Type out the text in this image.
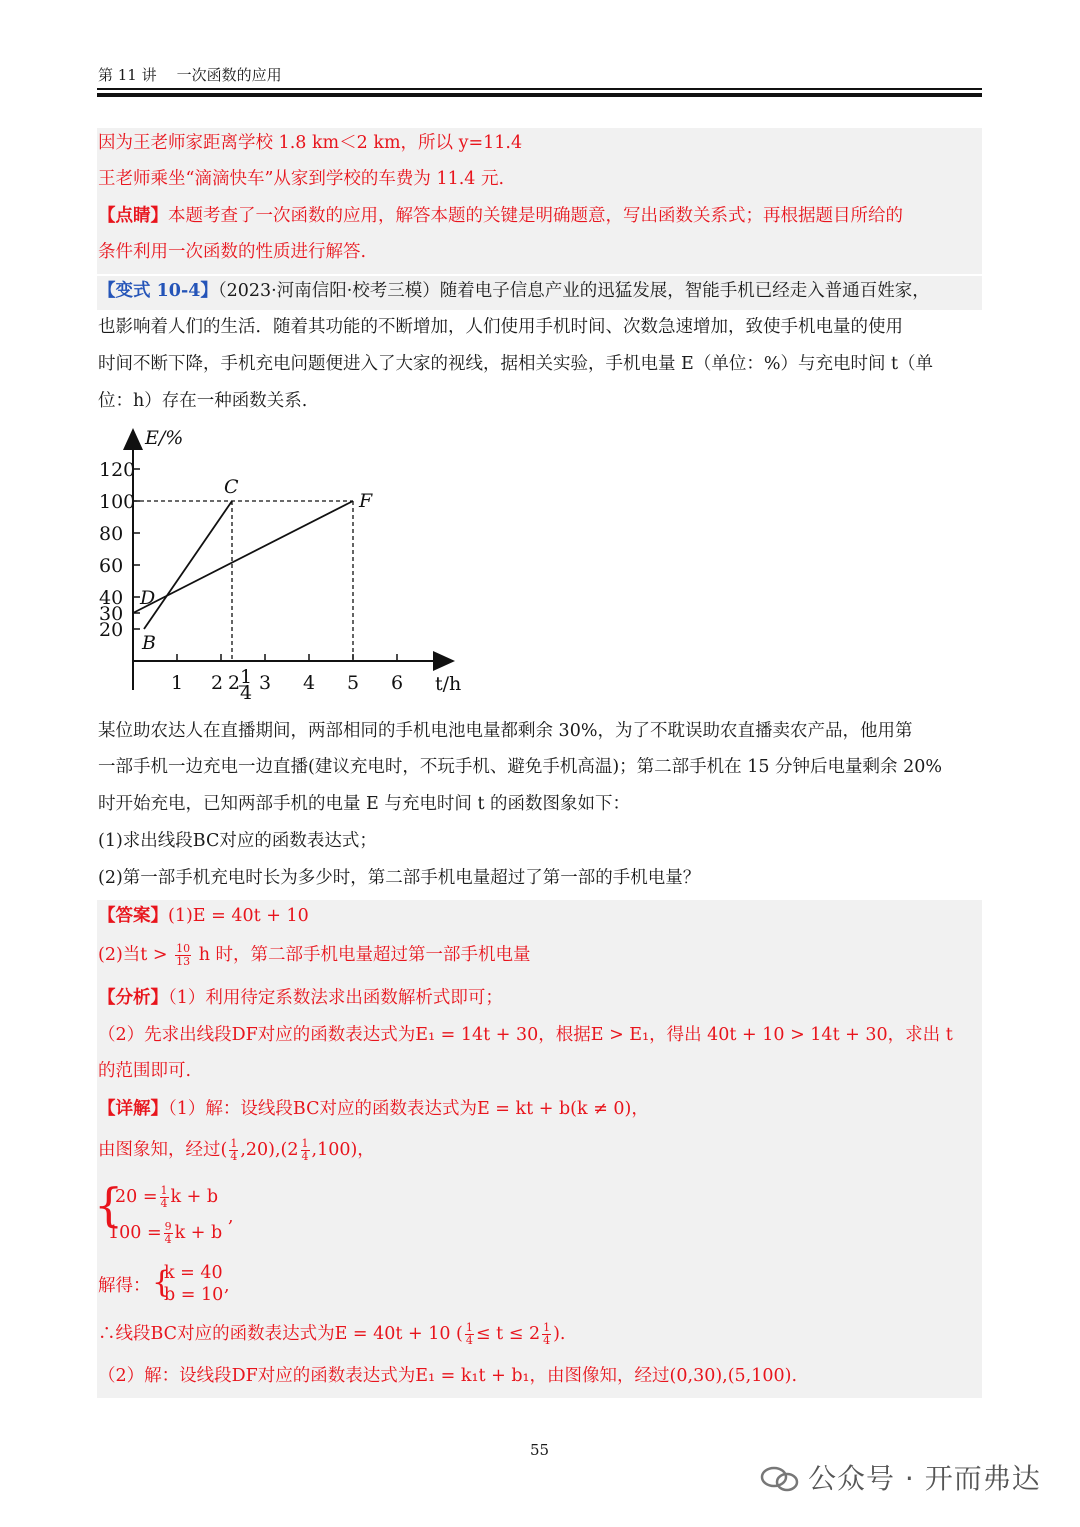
第 11 讲 一次函数的应用
因为王老师家距离学校 1.8 km＜2 km，所以 y=11.4
王老师乘坐“滴滴快车”从家到学校的车费为 11.4 元.
【点睛】本题考查了一次函数的应用，解答本题的关键是明确题意，写出函数关系式；再根据题目所给的
条件利用一次函数的性质进行解答.
【变式 10-4】（2023·河南信阳·校考三模）随着电子信息产业的迅猛发展，智能手机已经走入普通百姓家，
也影响着人们的生活．随着其功能的不断增加，人们使用手机时间、次数急速增加，致使手机电量的使用
时间不断下降，手机充电问题便进入了大家的视线，据相关实验，手机电量 E（单位：%）与充电时间 t（单
位：h）存在一种函数关系.
1 2 2 1
4 3 4 5 6
20
30
40
60
80
100
120
B
C
F
E/%
t/h
D
某位助农达人在直播期间，两部相同的手机电池电量都剩余 30%，为了不耽误助农直播卖农产品，他用第
一部手机一边充电一边直播(建议充电时，不玩手机、避免手机高温)；第二部手机在 15 分钟后电量剩余 20%
时开始充电，已知两部手机的电量 E 与充电时间 t 的函数图象如下：
(1)求出线段BC对应的函数表达式；
(2)第一部手机充电时长为多少时，第二部手机电量超过了第一部的手机电量？
【答案】(1)E = 40t + 10
(2)当$t > \frac{10}{13}$ h 时，第二部手机电量超过第一部手机电量
【分析】（1）利用待定系数法求出函数解析式即可；
（2）先求出线段DF对应的函数表达式为E₁ = 14t + 30，根据E > E₁，得出 40t + 10 > 14t + 30，求出 t
的范围即可.
【详解】（1）解：设线段BC对应的函数表达式为E = kt + b(k ≠ 0)，
由图象知，经过( $\frac{1}{4} ,20),(2 \frac{1}{4} ,100)$，
{
$20 = \frac{1}{4}$ k + b
$100 = \frac{9}{4}$ k + b
,
解得： {
k = 40
b = 10 ,
∴线段BC对应的函数表达式为E = 40t + 10 ( $\frac{1}{4} \le t \le 2 \frac{1}{4}$ ).
（2）解：设线段DF对应的函数表达式为E₁ = k₁t + b₁，由图像知，经过(0,30),(5,100).
55
公众号 · 开而弗达
